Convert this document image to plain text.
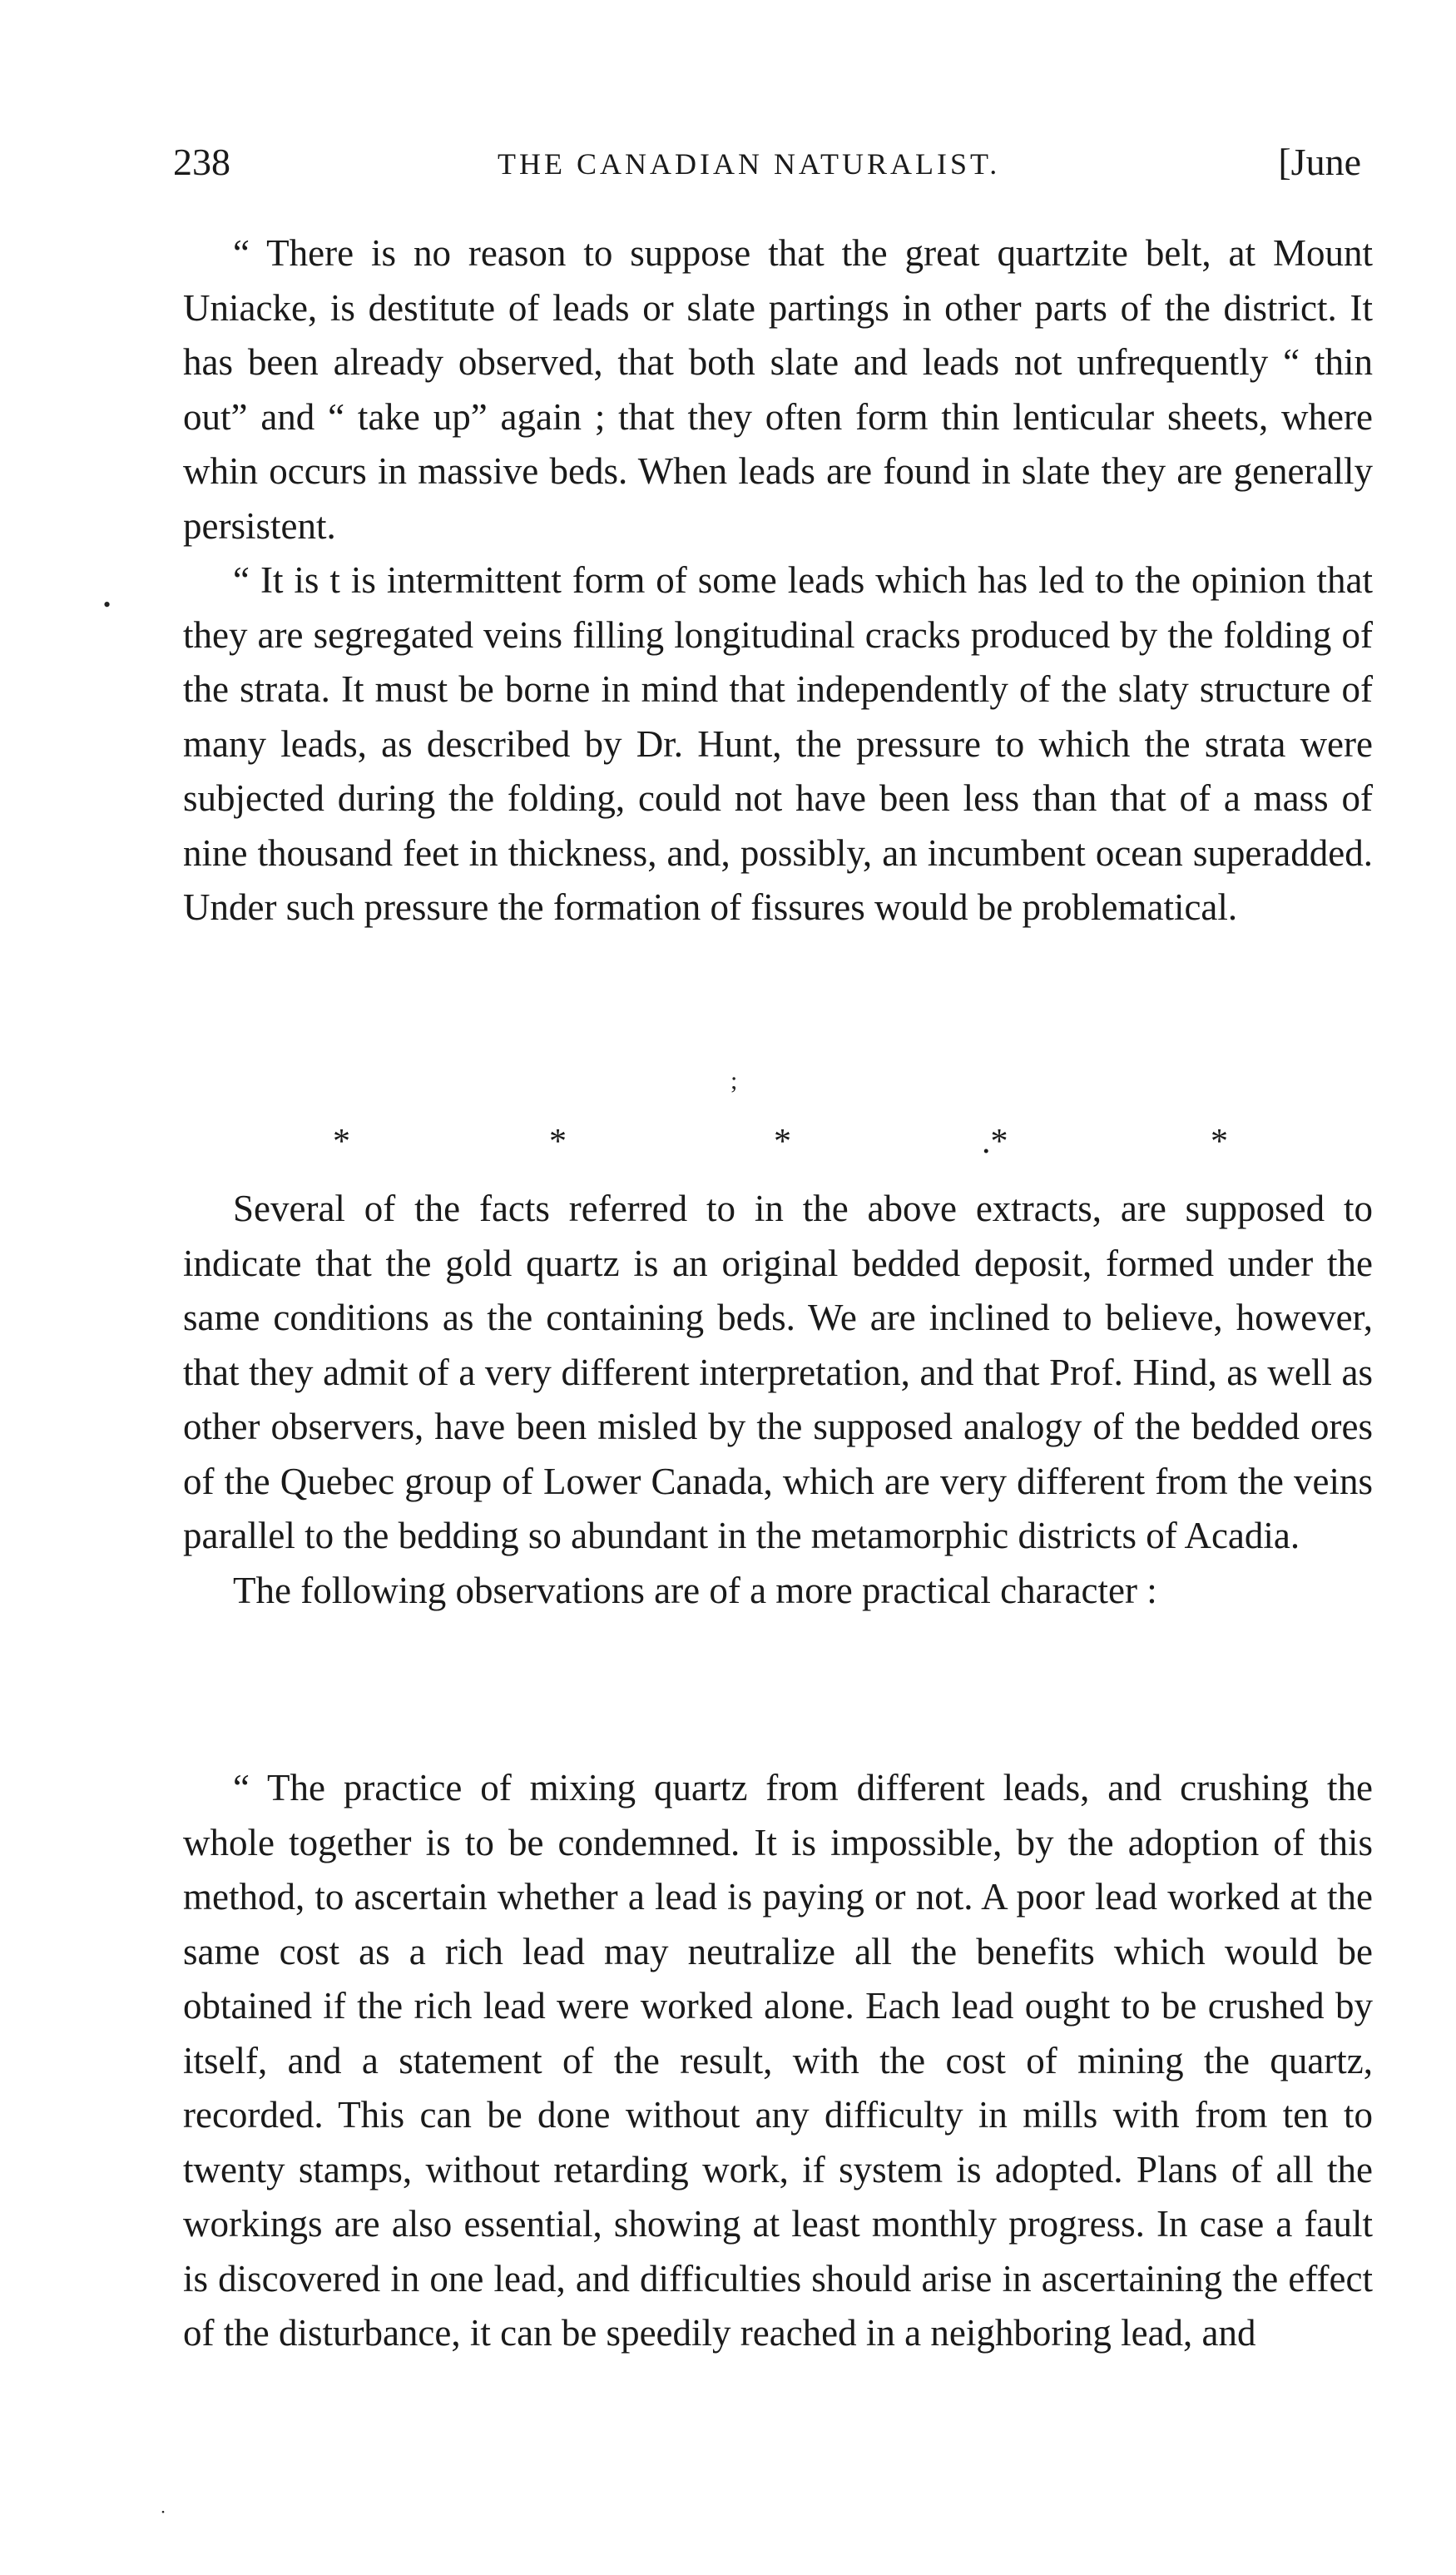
238	THE CANADIAN NATURALIST.	[June

“ There is no reason to suppose that the great quartzite belt, at Mount Uniacke, is destitute of leads or slate partings in other parts of the district. It has been already observed, that both slate and leads not unfrequently “ thin out” and “ take up” again ; that they often form thin lenticular sheets, where whin occurs in massive beds. When leads are found in slate they are generally persistent.

“ It is t is intermittent form of some leads which has led to the opinion that they are segregated veins filling longitudinal cracks produced by the folding of the strata. It must be borne in mind that independently of the slaty structure of many leads, as described by Dr. Hunt, the pressure to which the strata were subjected during the folding, could not have been less than that of a mass of nine thousand feet in thickness, and, possibly, an incumbent ocean superadded. Under such pressure the formation of fissures would be problematical.

*	*	*	.*	*

Several of the facts referred to in the above extracts, are supposed to indicate that the gold quartz is an original bedded deposit, formed under the same conditions as the containing beds. We are inclined to believe, however, that they admit of a very different interpretation, and that Prof. Hind, as well as other observers, have been misled by the supposed analogy of the bedded ores of the Quebec group of Lower Canada, which are very different from the veins parallel to the bedding so abundant in the metamorphic districts of Acadia.

The following observations are of a more practical character :

“ The practice of mixing quartz from different leads, and crushing the whole together is to be condemned. It is impossible, by the adoption of this method, to ascertain whether a lead is paying or not. A poor lead worked at the same cost as a rich lead may neutralize all the benefits which would be obtained if the rich lead were worked alone. Each lead ought to be crushed by itself, and a statement of the result, with the cost of mining the quartz, recorded. This can be done without any difficulty in mills with from ten to twenty stamps, without retarding work, if system is adopted. Plans of all the workings are also essential, showing at least monthly progress. In case a fault is discovered in one lead, and difficulties should arise in ascertaining the effect of the disturbance, it can be speedily reached in a neighboring lead, and

•
;
